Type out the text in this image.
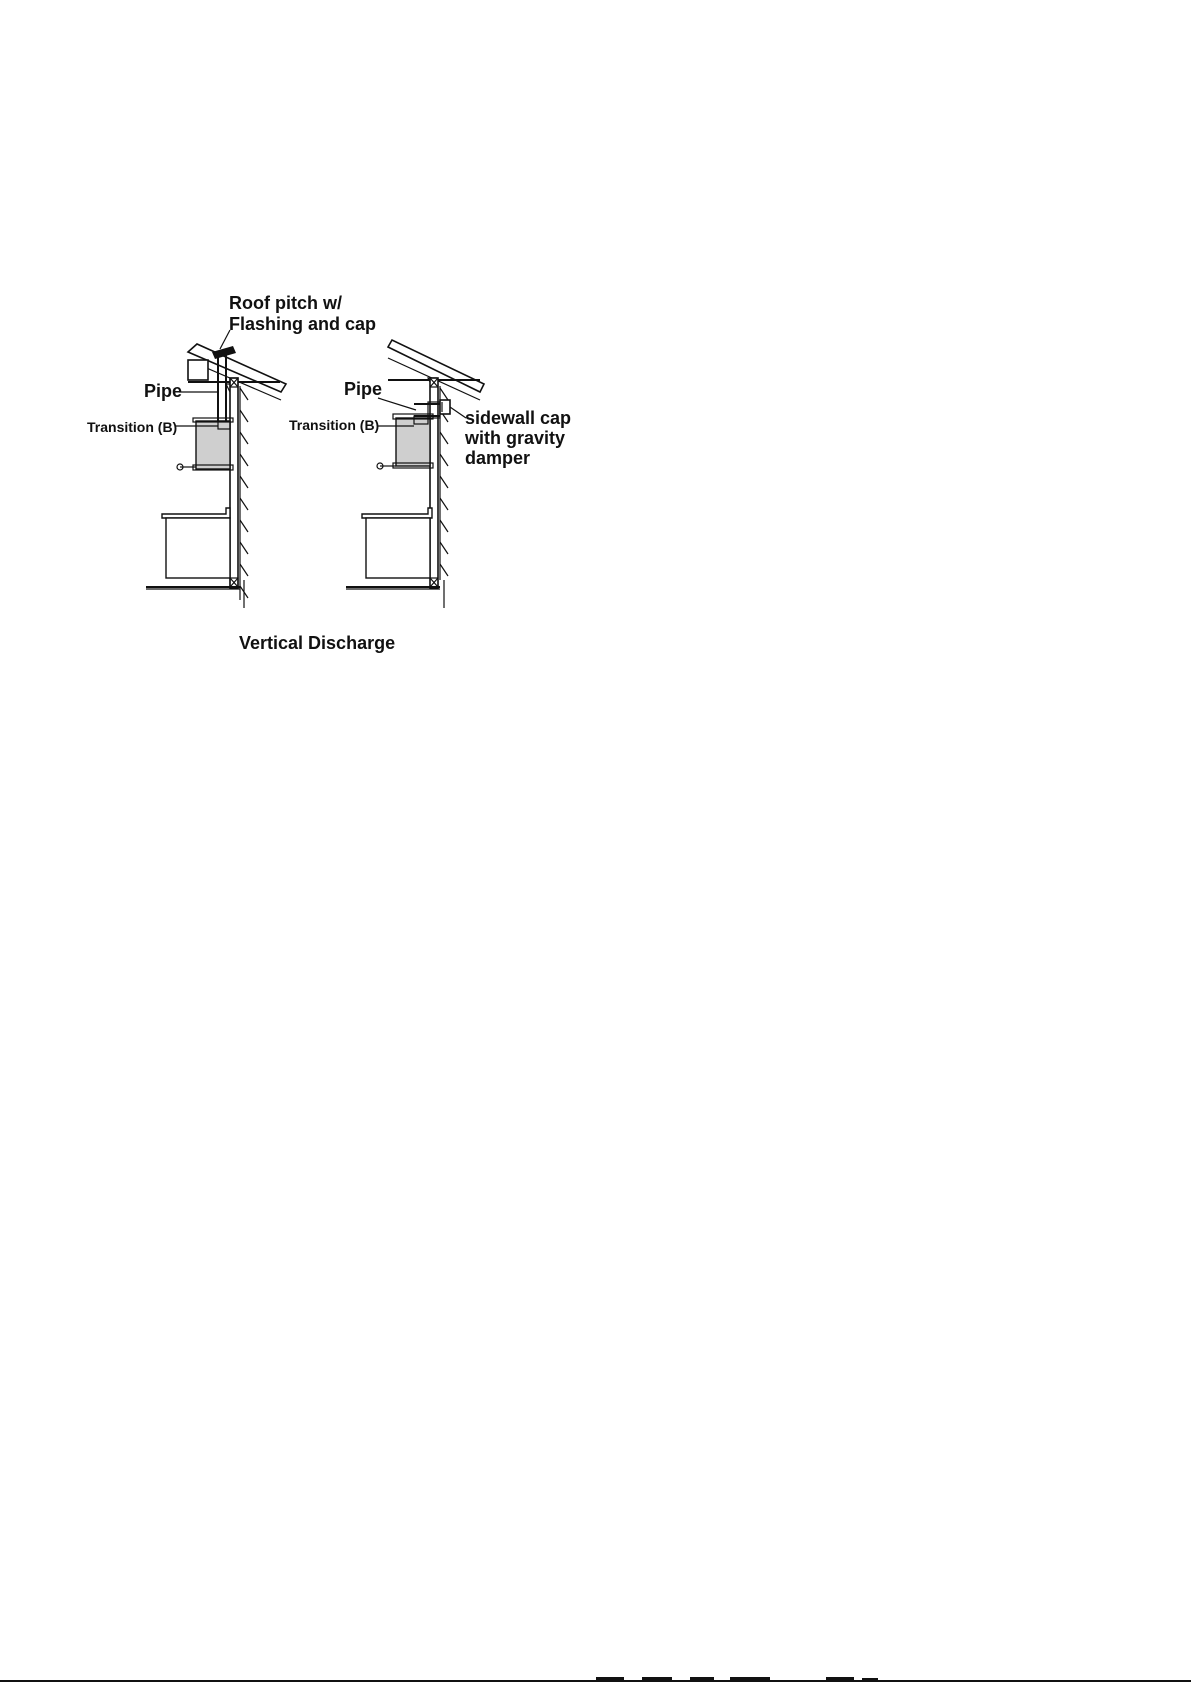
Roof pitch w/
Flashing and cap
Pipe
Transition (B)
Pipe
Transition (B)	sidewall cap
with gravity
damper
Vertical Discharge
